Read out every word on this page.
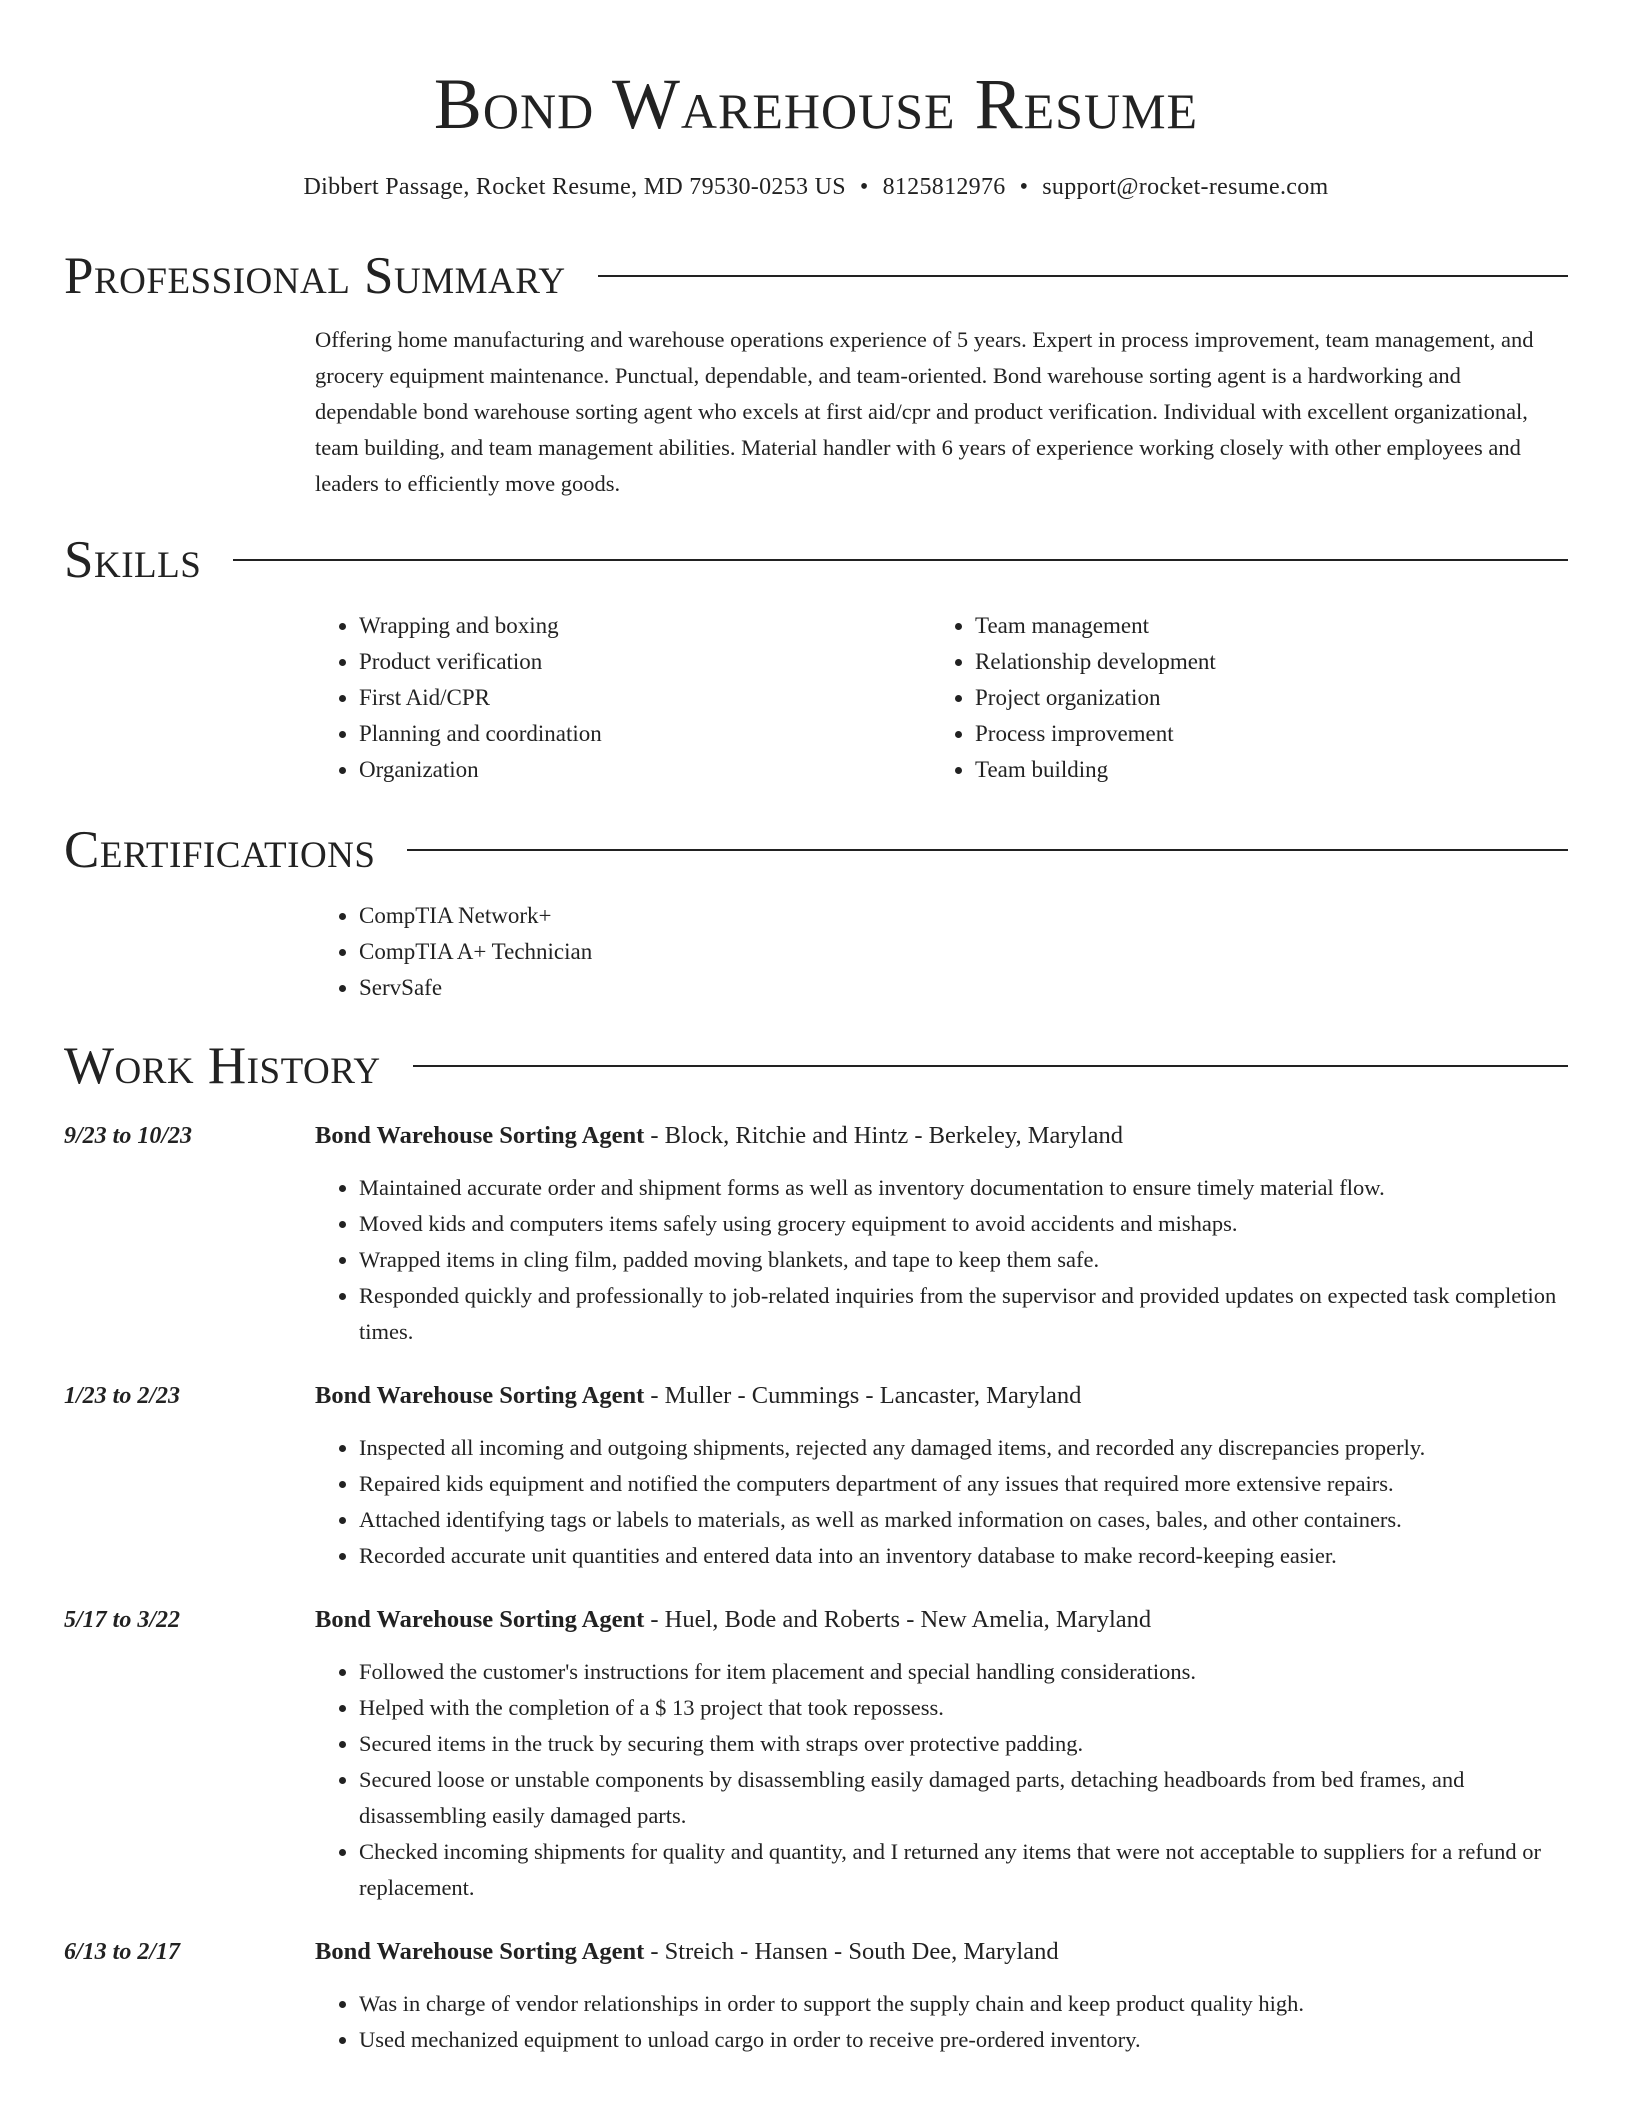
Bond Warehouse Resume
Dibbert Passage, Rocket Resume, MD 79530-0253 US • 8125812976 • support@rocket-resume.com
Professional Summary
Offering home manufacturing and warehouse operations experience of 5 years. Expert in process improvement, team management, and grocery equipment maintenance. Punctual, dependable, and team-oriented. Bond warehouse sorting agent is a hardworking and dependable bond warehouse sorting agent who excels at first aid/cpr and product verification. Individual with excellent organizational, team building, and team management abilities. Material handler with 6 years of experience working closely with other employees and leaders to efficiently move goods.
Skills
• Wrapping and boxing
• Product verification
• First Aid/CPR
• Planning and coordination
• Organization
• Team management
• Relationship development
• Project organization
• Process improvement
• Team building
Certifications
• CompTIA Network+
• CompTIA A+ Technician
• ServSafe
Work History
9/23 to 10/23	Bond Warehouse Sorting Agent - Block, Ritchie and Hintz - Berkeley, Maryland
• Maintained accurate order and shipment forms as well as inventory documentation to ensure timely material flow.
• Moved kids and computers items safely using grocery equipment to avoid accidents and mishaps.
• Wrapped items in cling film, padded moving blankets, and tape to keep them safe.
• Responded quickly and professionally to job-related inquiries from the supervisor and provided updates on expected task completion times.
1/23 to 2/23	Bond Warehouse Sorting Agent - Muller - Cummings - Lancaster, Maryland
• Inspected all incoming and outgoing shipments, rejected any damaged items, and recorded any discrepancies properly.
• Repaired kids equipment and notified the computers department of any issues that required more extensive repairs.
• Attached identifying tags or labels to materials, as well as marked information on cases, bales, and other containers.
• Recorded accurate unit quantities and entered data into an inventory database to make record-keeping easier.
5/17 to 3/22	Bond Warehouse Sorting Agent - Huel, Bode and Roberts - New Amelia, Maryland
• Followed the customer's instructions for item placement and special handling considerations.
• Helped with the completion of a $ 13 project that took repossess.
• Secured items in the truck by securing them with straps over protective padding.
• Secured loose or unstable components by disassembling easily damaged parts, detaching headboards from bed frames, and disassembling easily damaged parts.
• Checked incoming shipments for quality and quantity, and I returned any items that were not acceptable to suppliers for a refund or replacement.
6/13 to 2/17	Bond Warehouse Sorting Agent - Streich - Hansen - South Dee, Maryland
• Was in charge of vendor relationships in order to support the supply chain and keep product quality high.
• Used mechanized equipment to unload cargo in order to receive pre-ordered inventory.
